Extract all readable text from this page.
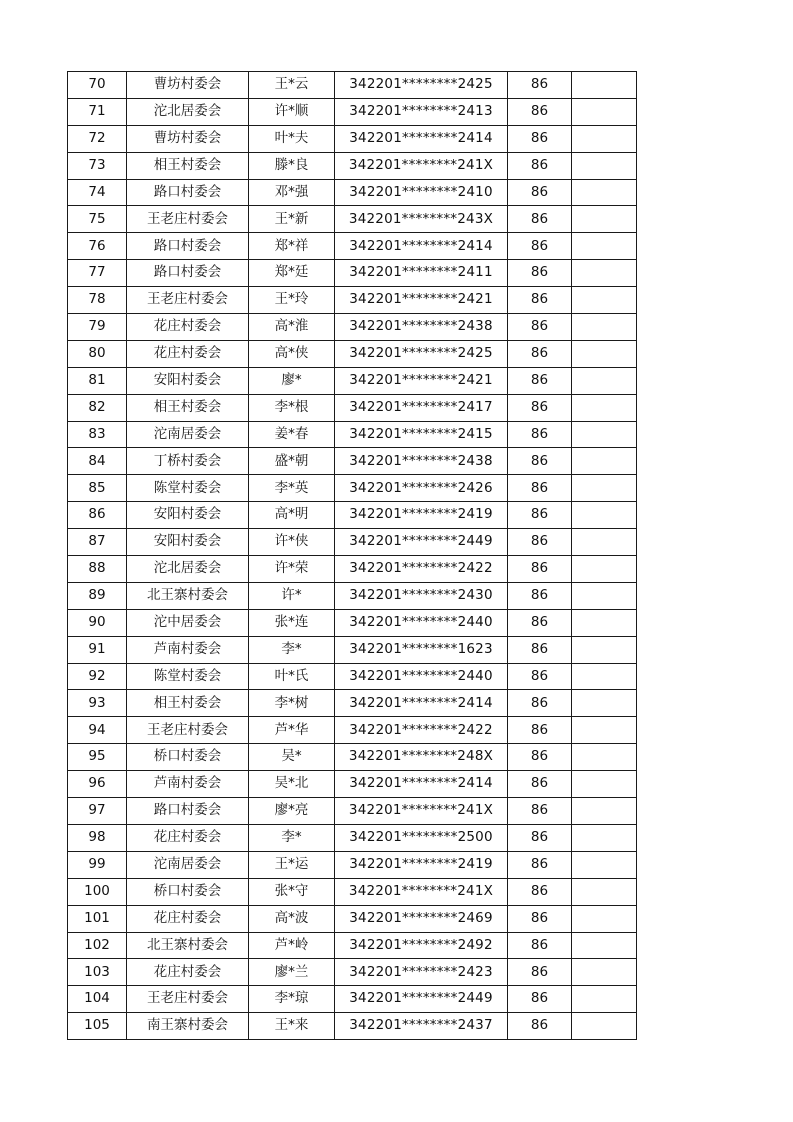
70	曹坊村委会	王*云	342201********2425	86	
71	沱北居委会	许*顺	342201********2413	86	
72	曹坊村委会	叶*夫	342201********2414	86	
73	相王村委会	滕*良	342201********241X	86	
74	路口村委会	邓*强	342201********2410	86	
75	王老庄村委会	王*新	342201********243X	86	
76	路口村委会	郑*祥	342201********2414	86	
77	路口村委会	郑*廷	342201********2411	86	
78	王老庄村委会	王*玲	342201********2421	86	
79	花庄村委会	高*淮	342201********2438	86	
80	花庄村委会	高*侠	342201********2425	86	
81	安阳村委会	廖*	342201********2421	86	
82	相王村委会	李*根	342201********2417	86	
83	沱南居委会	姜*春	342201********2415	86	
84	丁桥村委会	盛*朝	342201********2438	86	
85	陈堂村委会	李*英	342201********2426	86	
86	安阳村委会	高*明	342201********2419	86	
87	安阳村委会	许*侠	342201********2449	86	
88	沱北居委会	许*荣	342201********2422	86	
89	北王寨村委会	许*	342201********2430	86	
90	沱中居委会	张*连	342201********2440	86	
91	芦南村委会	李*	342201********1623	86	
92	陈堂村委会	叶*氏	342201********2440	86	
93	相王村委会	李*树	342201********2414	86	
94	王老庄村委会	芦*华	342201********2422	86	
95	桥口村委会	吴*	342201********248X	86	
96	芦南村委会	吴*北	342201********2414	86	
97	路口村委会	廖*亮	342201********241X	86	
98	花庄村委会	李*	342201********2500	86	
99	沱南居委会	王*运	342201********2419	86	
100	桥口村委会	张*守	342201********241X	86	
101	花庄村委会	高*波	342201********2469	86	
102	北王寨村委会	芦*岭	342201********2492	86	
103	花庄村委会	廖*兰	342201********2423	86	
104	王老庄村委会	李*琼	342201********2449	86	
105	南王寨村委会	王*来	342201********2437	86	
